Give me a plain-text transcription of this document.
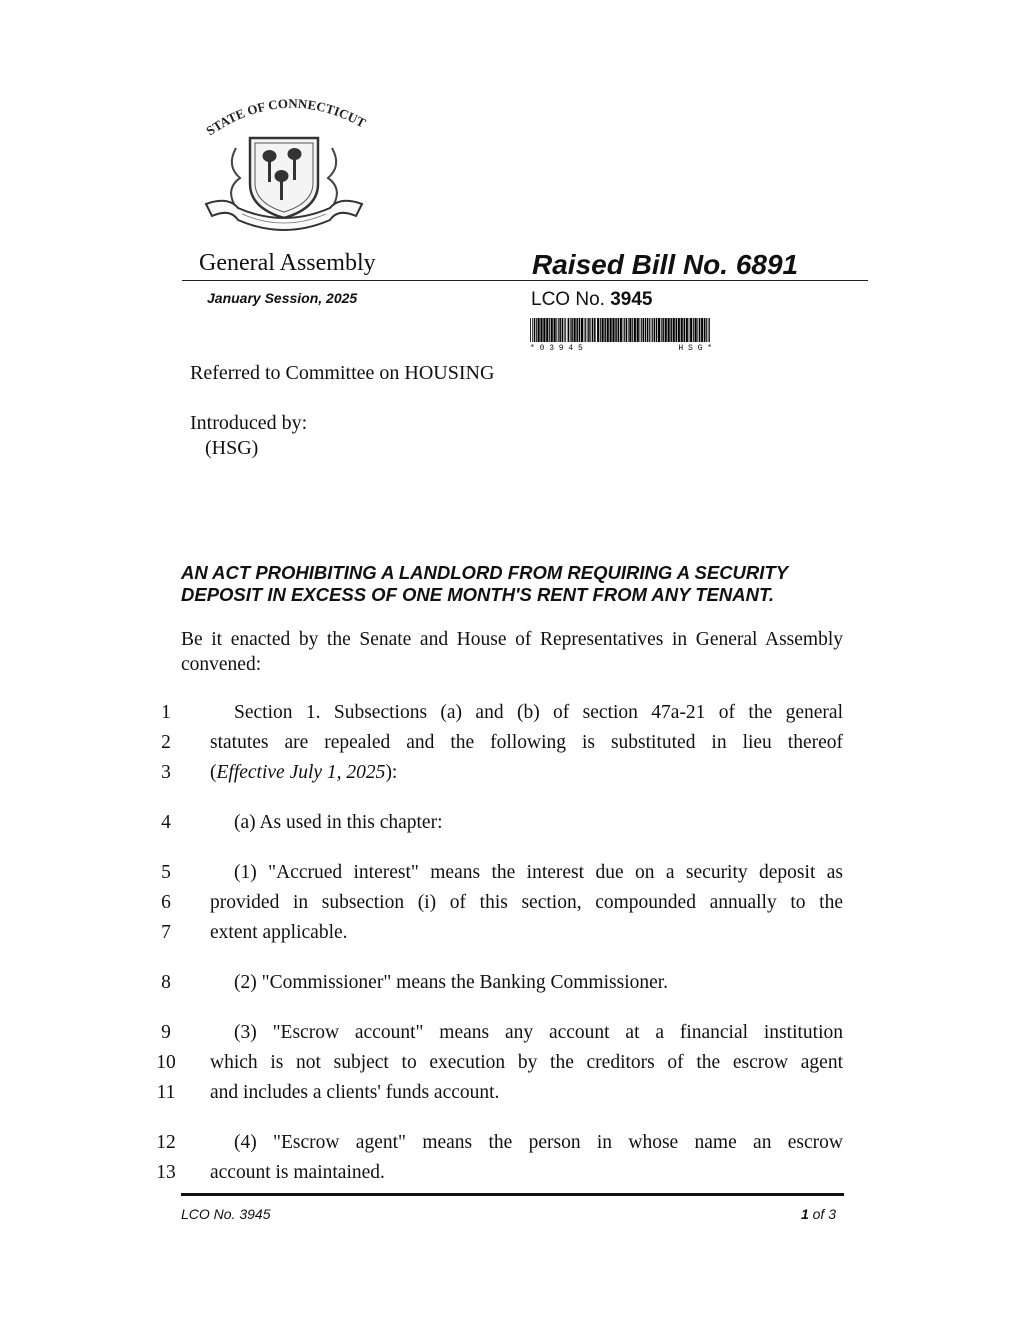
STATE OF CONNECTICUT
General Assembly	Raised Bill No. 6891
January Session, 2025	LCO No. 3945
* 0 3 9 4 5	H S G *
Referred to Committee on HOUSING
Introduced by:
(HSG)
AN ACT PROHIBITING A LANDLORD FROM REQUIRING A SECURITY
DEPOSIT IN EXCESS OF ONE MONTH'S RENT FROM ANY TENANT.
Be it enacted by the Senate and House of Representatives in General Assembly convened:
1	Section 1. Subsections (a) and (b) of section 47a-21 of the general
2	statutes are repealed and the following is substituted in lieu thereof
3	(Effective July 1, 2025):
4	(a) As used in this chapter:
5	(1) "Accrued interest" means the interest due on a security deposit as
6	provided in subsection (i) of this section, compounded annually to the
7	extent applicable.
8	(2) "Commissioner" means the Banking Commissioner.
9	(3) "Escrow account" means any account at a financial institution
10	which is not subject to execution by the creditors of the escrow agent
11	and includes a clients' funds account.
12	(4) "Escrow agent" means the person in whose name an escrow
13	account is maintained.
LCO No. 3945	1 of 3
